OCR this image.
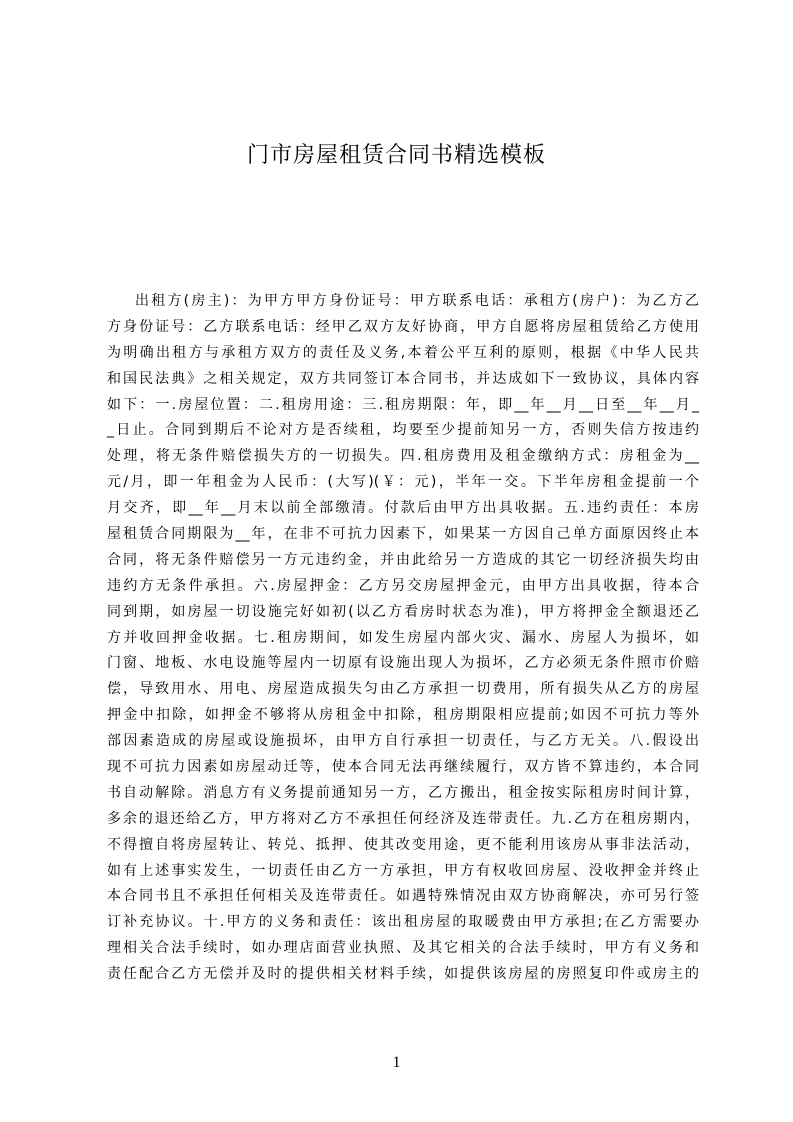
门市房屋租赁合同书精选模板
出租方(房主)：为甲方甲方身份证号：甲方联系电话：承租方(房户)：为乙方乙
方身份证号：乙方联系电话：经甲乙双方友好协商，甲方自愿将房屋租赁给乙方使用
为明确出租方与承租方双方的责任及义务,本着公平互利的原则，根据《中华人民共
和国民法典》之相关规定，双方共同签订本合同书，并达成如下一致协议，具体内容
如下：一.房屋位置：二.租房用途：三.租房期限：年，即__年__月__日至__年__月_
_日止。合同到期后不论对方是否续租，均要至少提前知另一方，否则失信方按违约
处理，将无条件赔偿损失方的一切损失。四.租房费用及租金缴纳方式：房租金为__
元/月，即一年租金为人民币：(大写)(￥：元)，半年一交。下半年房租金提前一个
月交齐，即__年__月末以前全部缴清。付款后由甲方出具收据。五.违约责任：本房
屋租赁合同期限为__年，在非不可抗力因素下，如果某一方因自己单方面原因终止本
合同，将无条件赔偿另一方元违约金，并由此给另一方造成的其它一切经济损失均由
违约方无条件承担。六.房屋押金：乙方另交房屋押金元，由甲方出具收据，待本合
同到期，如房屋一切设施完好如初(以乙方看房时状态为准)，甲方将押金全额退还乙
方并收回押金收据。七.租房期间，如发生房屋内部火灾、漏水、房屋人为损坏，如
门窗、地板、水电设施等屋内一切原有设施出现人为损坏，乙方必须无条件照市价赔
偿，导致用水、用电、房屋造成损失匀由乙方承担一切费用，所有损失从乙方的房屋
押金中扣除，如押金不够将从房租金中扣除，租房期限相应提前;如因不可抗力等外
部因素造成的房屋或设施损坏，由甲方自行承担一切责任，与乙方无关。八.假设出
现不可抗力因素如房屋动迁等，使本合同无法再继续履行，双方皆不算违约，本合同
书自动解除。消息方有义务提前通知另一方，乙方搬出，租金按实际租房时间计算，
多余的退还给乙方，甲方将对乙方不承担任何经济及连带责任。九.乙方在租房期内，
不得擅自将房屋转让、转兑、抵押、使其改变用途，更不能利用该房从事非法活动，
如有上述事实发生，一切责任由乙方一方承担，甲方有权收回房屋、没收押金并终止
本合同书且不承担任何相关及连带责任。如遇特殊情况由双方协商解决，亦可另行签
订补充协议。十.甲方的义务和责任：该出租房屋的取暖费由甲方承担;在乙方需要办
理相关合法手续时，如办理店面营业执照、及其它相关的合法手续时，甲方有义务和
责任配合乙方无偿并及时的提供相关材料手续，如提供该房屋的房照复印件或房主的
1
